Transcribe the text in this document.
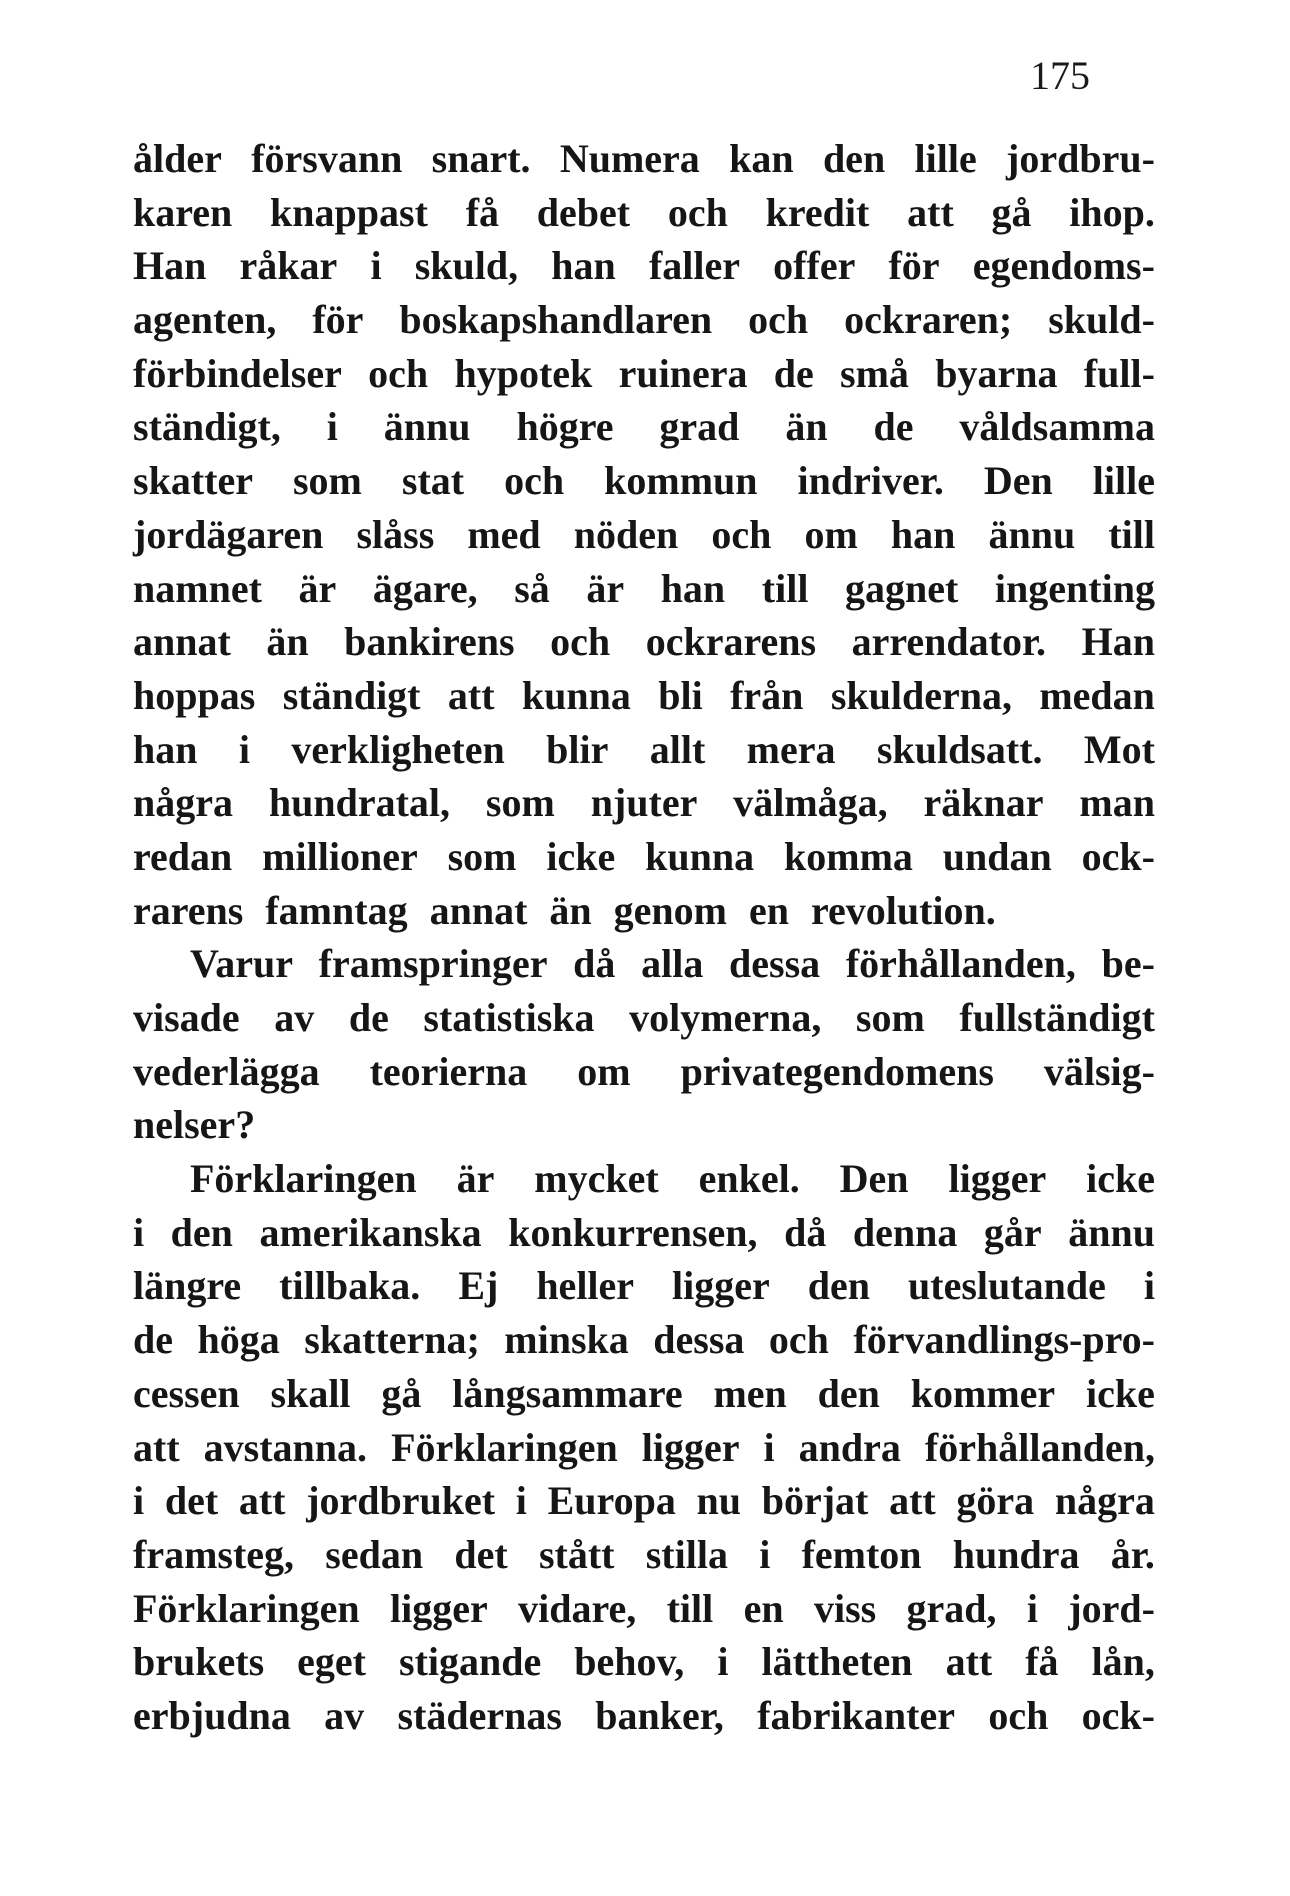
175
ålder försvann snart. Numera kan den lille jordbru-
karen knappast få debet och kredit att gå ihop.
Han råkar i skuld, han faller offer för egendoms-
agenten, för boskapshandlaren och ockraren; skuld-
förbindelser och hypotek ruinera de små byarna full-
ständigt, i ännu högre grad än de våldsamma
skatter som stat och kommun indriver. Den lille
jordägaren slåss med nöden och om han ännu till
namnet är ägare, så är han till gagnet ingenting
annat än bankirens och ockrarens arrendator. Han
hoppas ständigt att kunna bli från skulderna, medan
han i verkligheten blir allt mera skuldsatt. Mot
några hundratal, som njuter välmåga, räknar man
redan millioner som icke kunna komma undan ock-
rarens famntag annat än genom en revolution.
Varur framspringer då alla dessa förhållanden, be-
visade av de statistiska volymerna, som fullständigt
vederlägga teorierna om privategendomens välsig-
nelser?
Förklaringen är mycket enkel. Den ligger icke
i den amerikanska konkurrensen, då denna går ännu
längre tillbaka. Ej heller ligger den uteslutande i
de höga skatterna; minska dessa och förvandlings-pro-
cessen skall gå långsammare men den kommer icke
att avstanna. Förklaringen ligger i andra förhållanden,
i det att jordbruket i Europa nu börjat att göra några
framsteg, sedan det stått stilla i femton hundra år.
Förklaringen ligger vidare, till en viss grad, i jord-
brukets eget stigande behov, i lättheten att få lån,
erbjudna av städernas banker, fabrikanter och ock-
